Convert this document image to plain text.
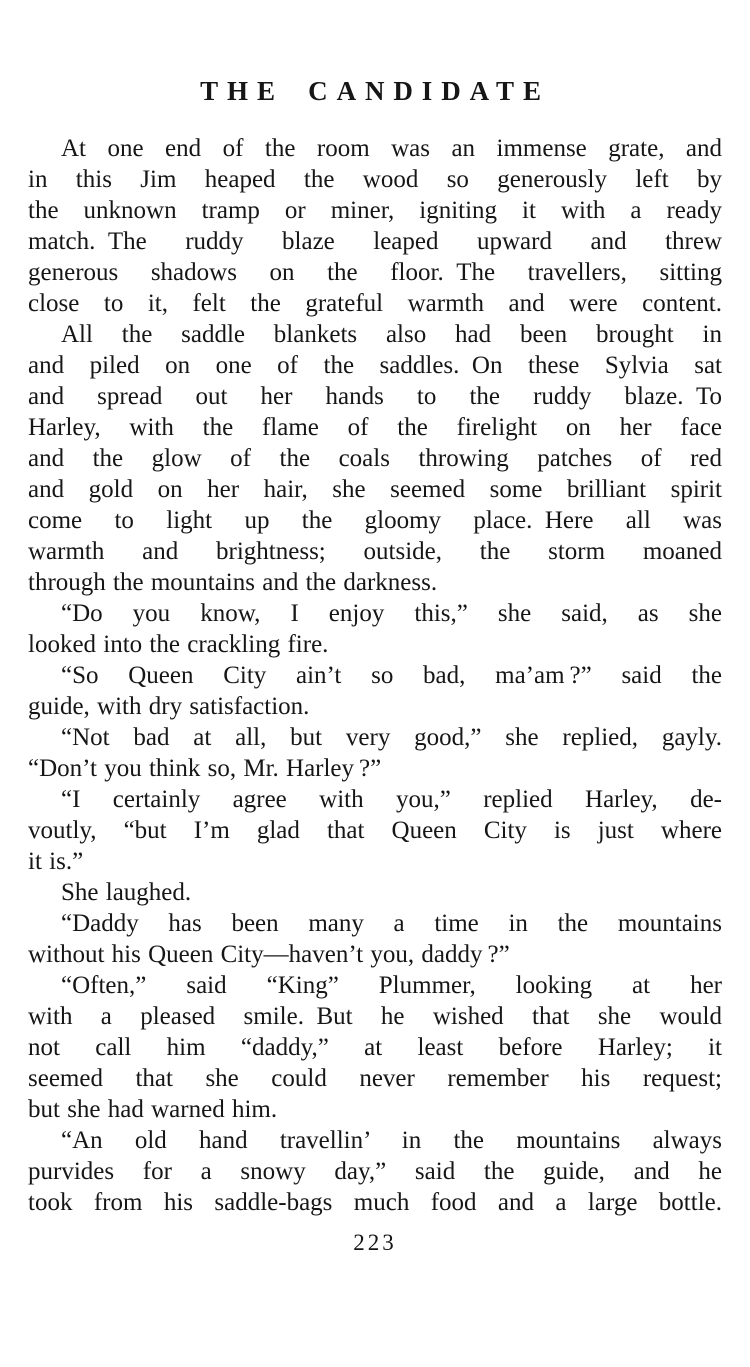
THE CANDIDATE
At one end of the room was an immense grate, and
in this Jim heaped the wood so generously left by
the unknown tramp or miner, igniting it with a ready
match. The ruddy blaze leaped upward and threw
generous shadows on the floor. The travellers, sitting
close to it, felt the grateful warmth and were content.
All the saddle blankets also had been brought in
and piled on one of the saddles. On these Sylvia sat
and spread out her hands to the ruddy blaze. To
Harley, with the flame of the firelight on her face
and the glow of the coals throwing patches of red
and gold on her hair, she seemed some brilliant spirit
come to light up the gloomy place. Here all was
warmth and brightness; outside, the storm moaned
through the mountains and the darkness.
“Do you know, I enjoy this,” she said, as she
looked into the crackling fire.
“So Queen City ain’t so bad, ma’am ?” said the
guide, with dry satisfaction.
“Not bad at all, but very good,” she replied, gayly.
“Don’t you think so, Mr. Harley ?”
“I certainly agree with you,” replied Harley, de-
voutly, “but I’m glad that Queen City is just where
it is.”
She laughed.
“Daddy has been many a time in the mountains
without his Queen City—haven’t you, daddy ?”
“Often,” said “King” Plummer, looking at her
with a pleased smile. But he wished that she would
not call him “daddy,” at least before Harley; it
seemed that she could never remember his request;
but she had warned him.
“An old hand travellin’ in the mountains always
purvides for a snowy day,” said the guide, and he
took from his saddle-bags much food and a large bottle.
223
